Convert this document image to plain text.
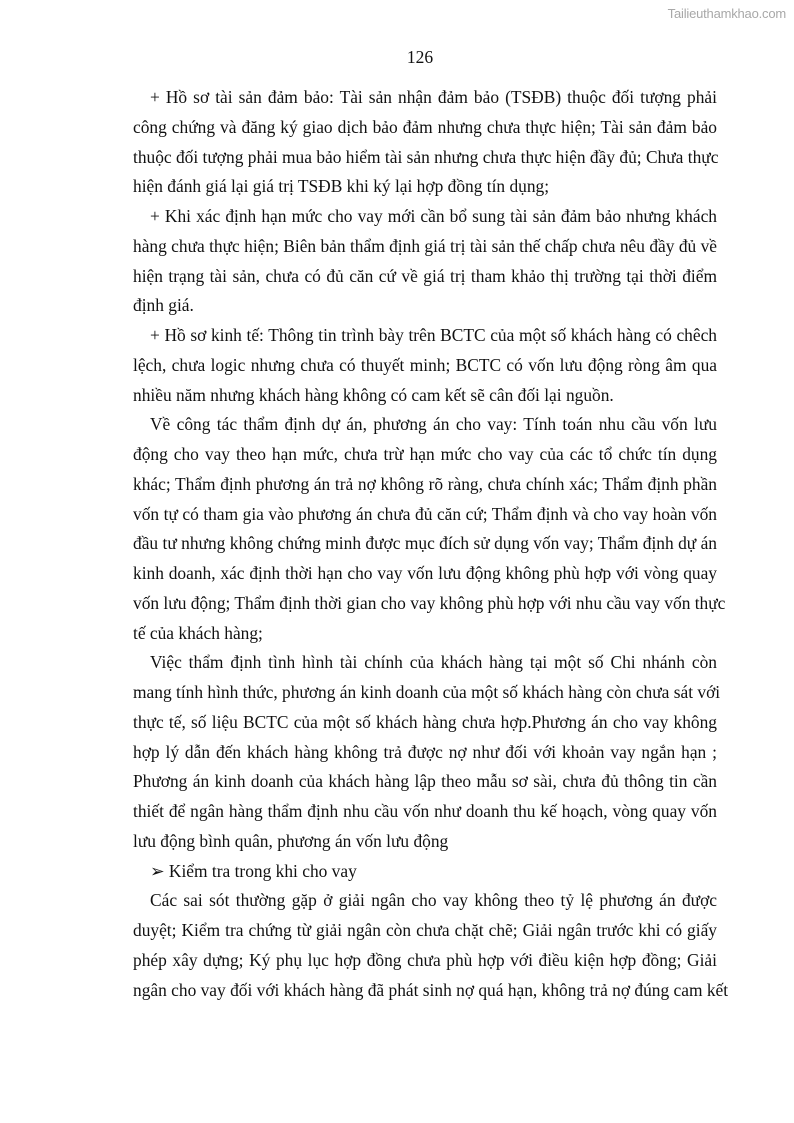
Tailieuthamkhao.com
126
+ Hồ sơ tài sản đảm bảo: Tài sản nhận đảm bảo (TSĐB) thuộc đối tượng phải
công chứng và đăng ký giao dịch bảo đảm nhưng chưa thực hiện; Tài sản đảm bảo
thuộc đối tượng phải mua bảo hiểm tài sản nhưng chưa thực hiện đầy đủ; Chưa thực
hiện đánh giá lại giá trị TSĐB khi ký lại hợp đồng tín dụng;
+ Khi xác định hạn mức cho vay mới cần bổ sung tài sản đảm bảo nhưng khách
hàng chưa thực hiện; Biên bản thẩm định giá trị tài sản thế chấp chưa nêu đầy đủ về
hiện trạng tài sản, chưa có đủ căn cứ về giá trị tham khảo thị trường tại thời điểm
định giá.
+ Hồ sơ kinh tế: Thông tin trình bày trên BCTC của một số khách hàng có chêch
lệch, chưa logic nhưng chưa có thuyết minh; BCTC có vốn lưu động ròng âm qua
nhiều năm nhưng khách hàng không có cam kết sẽ cân đối lại nguồn.
Về công tác thẩm định dự án, phương án cho vay: Tính toán nhu cầu vốn lưu
động cho vay theo hạn mức, chưa trừ hạn mức cho vay của các tổ chức tín dụng
khác; Thẩm định phương án trả nợ không rõ ràng, chưa chính xác; Thẩm định phần
vốn tự có tham gia vào phương án chưa đủ căn cứ; Thẩm định và cho vay hoàn vốn
đầu tư nhưng không chứng minh được mục đích sử dụng vốn vay; Thẩm định dự án
kinh doanh, xác định thời hạn cho vay vốn lưu động không phù hợp với vòng quay
vốn lưu động; Thẩm định thời gian cho vay không phù hợp với nhu cầu vay vốn thực
tế của khách hàng;
Việc thẩm định tình hình tài chính của khách hàng tại một số Chi nhánh còn
mang tính hình thức, phương án kinh doanh của một số khách hàng còn chưa sát với
thực tế, số liệu BCTC của một số khách hàng chưa hợp.Phương án cho vay không
hợp lý dẫn đến khách hàng không trả được nợ như đối với khoản vay ngắn hạn ;
Phương án kinh doanh của khách hàng lập theo mẫu sơ sài, chưa đủ thông tin cần
thiết để ngân hàng thẩm định nhu cầu vốn như doanh thu kế hoạch, vòng quay vốn
lưu động bình quân, phương án vốn lưu động
➢ Kiểm tra trong khi cho vay
Các sai sót thường gặp ở giải ngân cho vay không theo tỷ lệ phương án được
duyệt; Kiểm tra chứng từ giải ngân còn chưa chặt chẽ; Giải ngân trước khi có giấy
phép xây dựng; Ký phụ lục hợp đồng chưa phù hợp với điều kiện hợp đồng; Giải
ngân cho vay đối với khách hàng đã phát sinh nợ quá hạn, không trả nợ đúng cam kết
